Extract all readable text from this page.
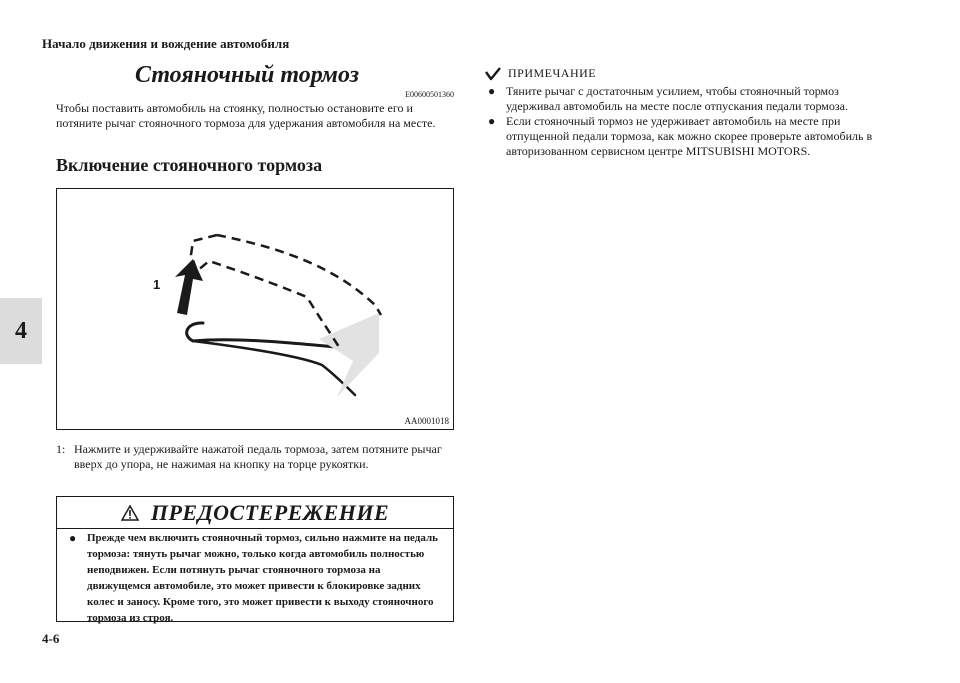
Начало движения и вождение автомобиля
4
4-6
Стояночный тормоз
E00600501360
Чтобы поставить автомобиль на стоянку, полностью остановите его и потяните рычаг стояночного тормоза для удержания автомобиля на месте.
Включение стояночного тормоза
1
AA0001018
1: Нажмите и удерживайте нажатой педаль тормоза, затем потяните рычаг вверх до упора, не нажимая на кнопку на торце рукоятки.
ПРЕДОСТЕРЕЖЕНИЕ
● Прежде чем включить стояночный тормоз, сильно нажмите на педаль тормоза: тянуть рычаг можно, только когда автомобиль полностью неподвижен. Если потянуть рычаг стояночного тормоза на движущемся автомобиле, это может привести к блокировке задних колес и заносу. Кроме того, это может привести к выходу стояночного тормоза из строя.
ПРИМЕЧАНИЕ
● Тяните рычаг с достаточным усилием, чтобы стояночный тормоз удерживал автомобиль на месте после отпускания педали тормоза.
● Если стояночный тормоз не удерживает автомобиль на месте при отпущенной педали тормоза, как можно скорее проверьте автомобиль в авторизованном сервисном центре MITSUBISHI MOTORS.
